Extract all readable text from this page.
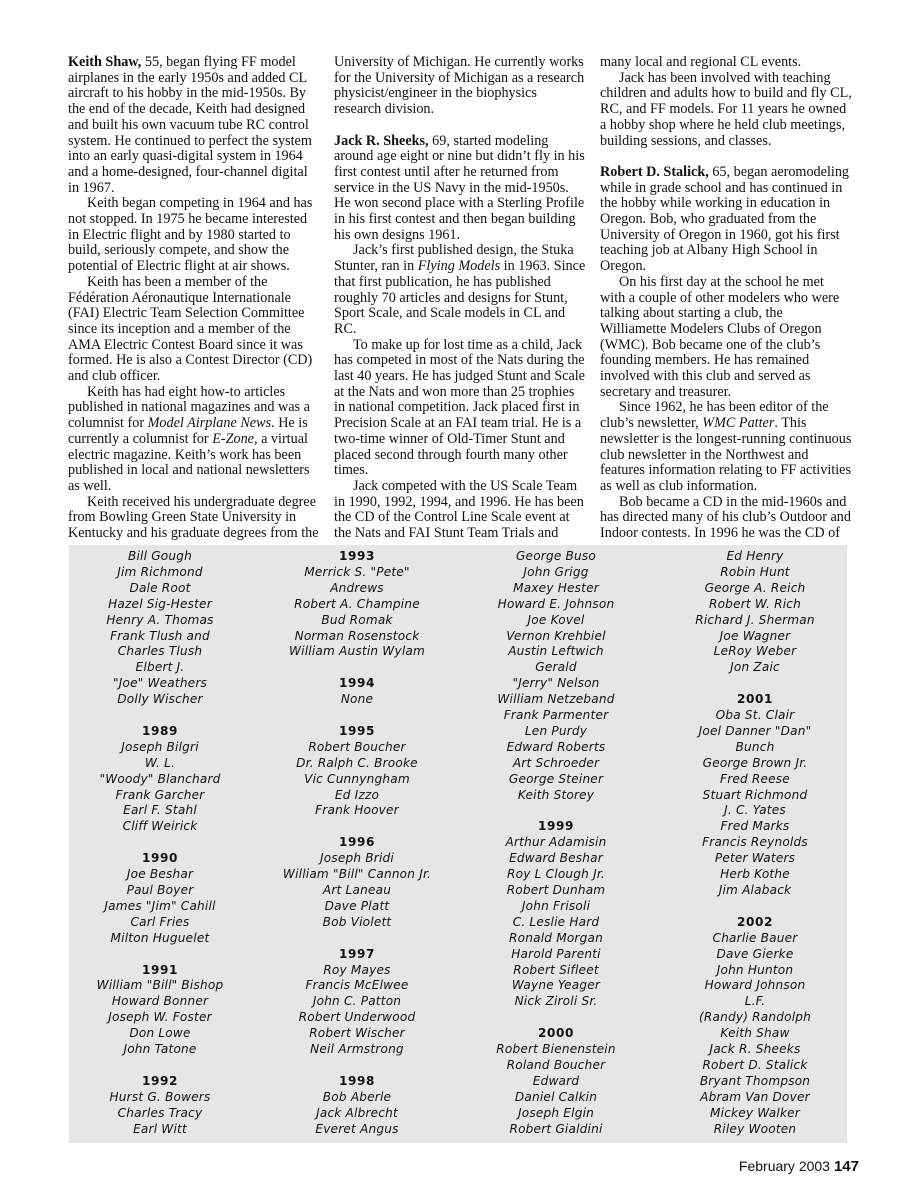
Keith Shaw, 55, began flying FF model airplanes in the early 1950s and added CL aircraft to his hobby in the mid-1950s. By the end of the decade, Keith had designed and built his own vacuum tube RC control system. He continued to perfect the system into an early quasi-digital system in 1964 and a home-designed, four-channel digital in 1967.

Keith began competing in 1964 and has not stopped. In 1975 he became interested in Electric flight and by 1980 started to build, seriously compete, and show the potential of Electric flight at air shows.

Keith has been a member of the Fédération Aéronautique Internationale (FAI) Electric Team Selection Committee since its inception and a member of the AMA Electric Contest Board since it was formed. He is also a Contest Director (CD) and club officer.

Keith has had eight how-to articles published in national magazines and was a columnist for Model Airplane News. He is currently a columnist for E-Zone, a virtual electric magazine. Keith’s work has been published in local and national newsletters as well.

Keith received his undergraduate degree from Bowling Green State University in Kentucky and his graduate degrees from the

University of Michigan. He currently works for the University of Michigan as a research physicist/engineer in the biophysics research division.

Jack R. Sheeks, 69, started modeling around age eight or nine but didn’t fly in his first contest until after he returned from service in the US Navy in the mid-1950s. He won second place with a Sterling Profile in his first contest and then began building his own designs 1961.

Jack’s first published design, the Stuka Stunter, ran in Flying Models in 1963. Since that first publication, he has published roughly 70 articles and designs for Stunt, Sport Scale, and Scale models in CL and RC.

To make up for lost time as a child, Jack has competed in most of the Nats during the last 40 years. He has judged Stunt and Scale at the Nats and won more than 25 trophies in national competition. Jack placed first in Precision Scale at an FAI team trial. He is a two-time winner of Old-Timer Stunt and placed second through fourth many other times.

Jack competed with the US Scale Team in 1990, 1992, 1994, and 1996. He has been the CD of the Control Line Scale event at the Nats and FAI Stunt Team Trials and

many local and regional CL events.

Jack has been involved with teaching children and adults how to build and fly CL, RC, and FF models. For 11 years he owned a hobby shop where he held club meetings, building sessions, and classes.

Robert D. Stalick, 65, began aeromodeling while in grade school and has continued in the hobby while working in education in Oregon. Bob, who graduated from the University of Oregon in 1960, got his first teaching job at Albany High School in Oregon.

On his first day at the school he met with a couple of other modelers who were talking about starting a club, the Williamette Modelers Clubs of Oregon (WMC). Bob became one of the club’s founding members. He has remained involved with this club and served as secretary and treasurer.

Since 1962, he has been editor of the club’s newsletter, WMC Patter. This newsletter is the longest-running continuous club newsletter in the Northwest and features information relating to FF activities as well as club information.

Bob became a CD in the mid-1960s and has directed many of his club’s Outdoor and Indoor contests. In 1996 he was the CD of

Bill Gough
Jim Richmond
Dale Root
Hazel Sig-Hester
Henry A. Thomas
Frank Tlush and
Charles Tlush
Elbert J.
"Joe" Weathers
Dolly Wischer
1989
Joseph Bilgri
W. L.
"Woody" Blanchard
Frank Garcher
Earl F. Stahl
Cliff Weirick
1990
Joe Beshar
Paul Boyer
James "Jim" Cahill
Carl Fries
Milton Huguelet
1991
William "Bill" Bishop
Howard Bonner
Joseph W. Foster
Don Lowe
John Tatone
1992
Hurst G. Bowers
Charles Tracy
Earl Witt
1993
Merrick S. "Pete"
Andrews
Robert A. Champine
Bud Romak
Norman Rosenstock
William Austin Wylam
1994
None
1995
Robert Boucher
Dr. Ralph C. Brooke
Vic Cunnyngham
Ed Izzo
Frank Hoover
1996
Joseph Bridi
William "Bill" Cannon Jr.
Art Laneau
Dave Platt
Bob Violett
1997
Roy Mayes
Francis McElwee
John C. Patton
Robert Underwood
Robert Wischer
Neil Armstrong
1998
Bob Aberle
Jack Albrecht
Everet Angus
George Buso
John Grigg
Maxey Hester
Howard E. Johnson
Joe Kovel
Vernon Krehbiel
Austin Leftwich
Gerald
"Jerry" Nelson
William Netzeband
Frank Parmenter
Len Purdy
Edward Roberts
Art Schroeder
George Steiner
Keith Storey
1999
Arthur Adamisin
Edward Beshar
Roy L Clough Jr.
Robert Dunham
John Frisoli
C. Leslie Hard
Ronald Morgan
Harold Parenti
Robert Sifleet
Wayne Yeager
Nick Ziroli Sr.
2000
Robert Bienenstein
Roland Boucher
Edward
Daniel Calkin
Joseph Elgin
Robert Gialdini
Ed Henry
Robin Hunt
George A. Reich
Robert W. Rich
Richard J. Sherman
Joe Wagner
LeRoy Weber
Jon Zaic
2001
Oba St. Clair
Joel Danner "Dan"
Bunch
George Brown Jr.
Fred Reese
Stuart Richmond
J. C. Yates
Fred Marks
Francis Reynolds
Peter Waters
Herb Kothe
Jim Alaback
2002
Charlie Bauer
Dave Gierke
John Hunton
Howard Johnson
L.F.
(Randy) Randolph
Keith Shaw
Jack R. Sheeks
Robert D. Stalick
Bryant Thompson
Abram Van Dover
Mickey Walker
Riley Wooten
February 2003 147
